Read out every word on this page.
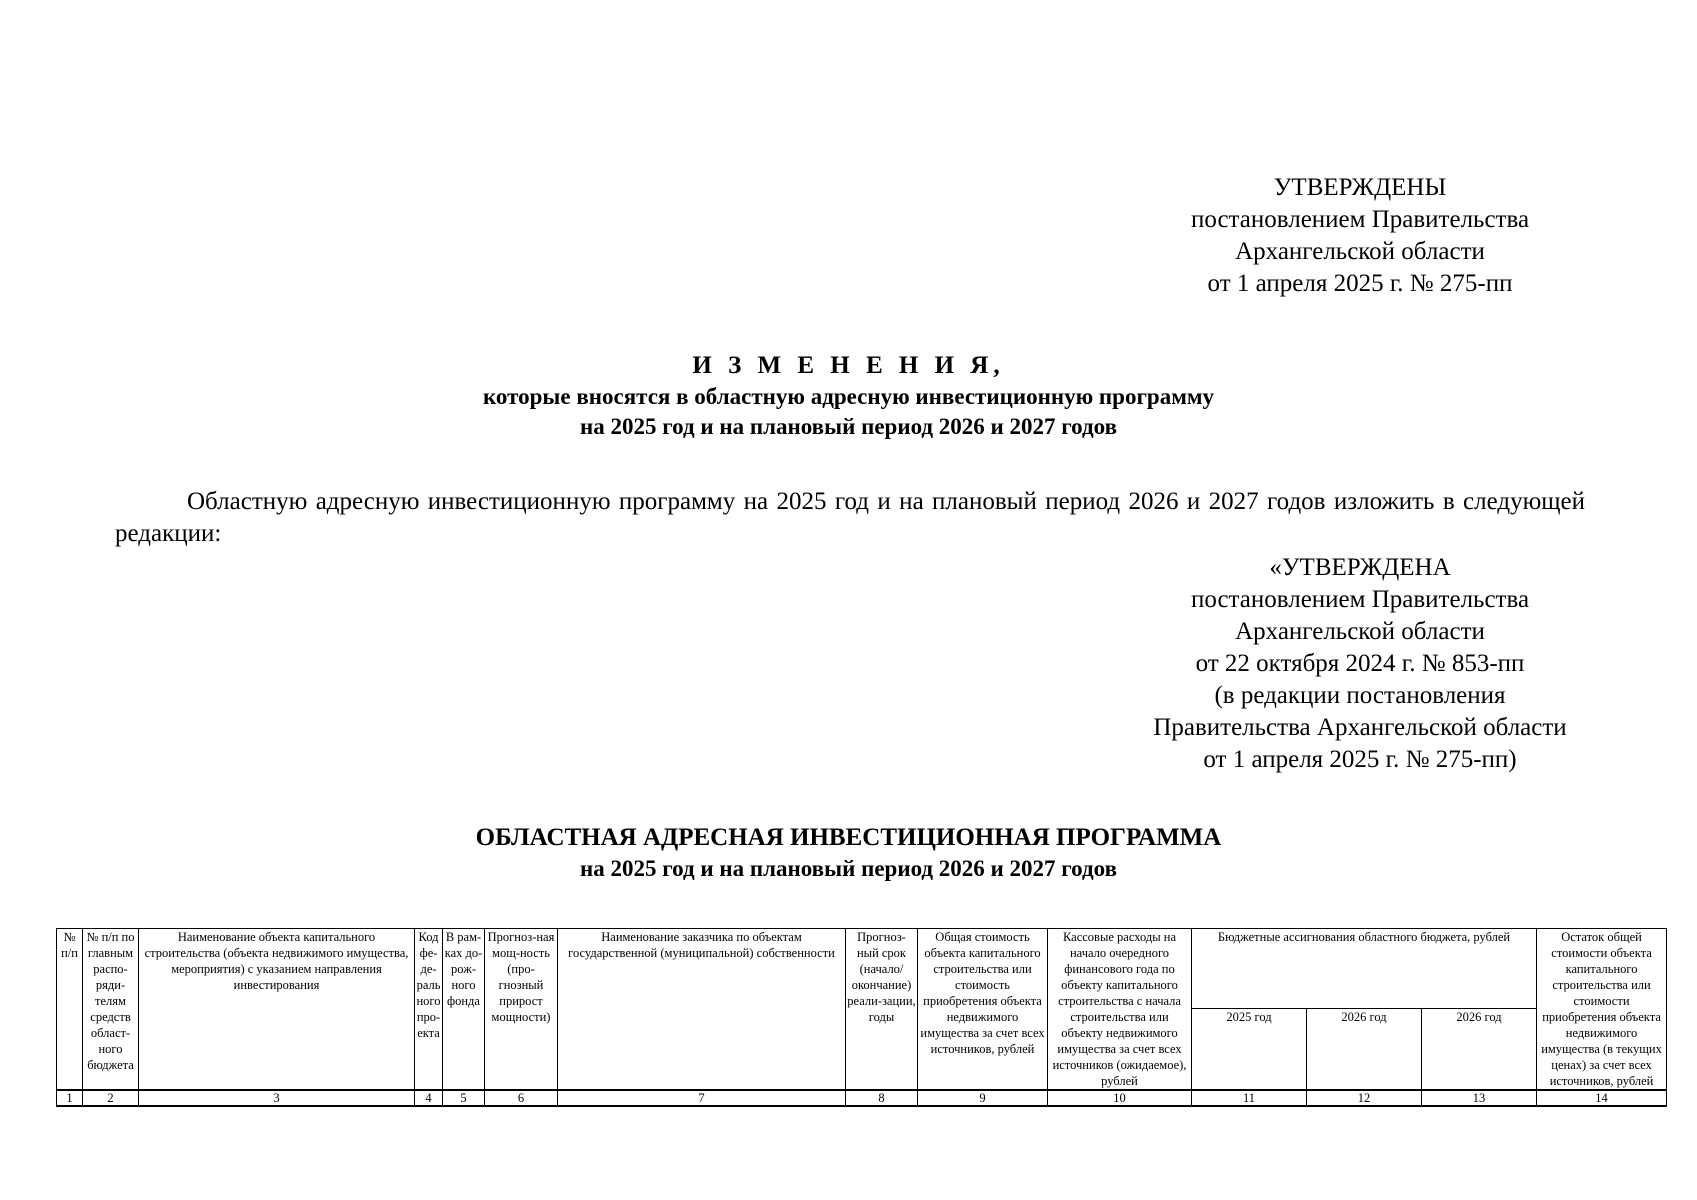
УТВЕРЖДЕНЫ
постановлением Правительства
Архангельской области
от 1 апреля 2025 г. № 275-пп
И З М Е Н Е Н И Я,
которые вносятся в областную адресную инвестиционную программу
на 2025 год и на плановый период 2026 и 2027 годов
Областную адресную инвестиционную программу на 2025 год и на плановый период 2026 и 2027 годов изложить в следующей редакции:
«УТВЕРЖДЕНА
постановлением Правительства
Архангельской области
от 22 октября 2024 г. № 853-пп
(в редакции постановления
Правительства Архангельской области
от 1 апреля 2025 г. № 275-пп)
ОБЛАСТНАЯ АДРЕСНАЯ ИНВЕСТИЦИОННАЯ ПРОГРАММА
на 2025 год и на плановый период 2026 и 2027 годов
№ п/п	№ п/п по главным распо-ряди-телям средств област-ного бюджета	Наименование объекта капитального строительства (объекта недвижимого имущества, мероприятия) с указанием направления инвестирования	Код фе-де-раль ного про-екта	В рам-ках до-рож-ного фонда	Прогноз-ная мощ-ность (про-гнозный прирост мощности)	Наименование заказчика по объектам государственной (муниципальной) собственности	Прогноз-ный срок (начало/ окончание) реали-зации, годы	Общая стоимость объекта капитального строительства или стоимость приобретения объекта недвижимого имущества за счет всех источников, рублей	Кассовые расходы на начало очередного финансового года по объекту капитального строительства с начала строительства или объекту недвижимого имущества за счет всех источников (ожидаемое), рублей	Бюджетные ассигнования областного бюджета, рублей			Остаток общей стоимости объекта капитального строительства или стоимости приобретения объекта недвижимого имущества (в текущих ценах) за счет всех источников, рублей
										2025 год	2026 год	2026 год	
1	2	3	4	5	6	7	8	9	10	11	12	13	14
